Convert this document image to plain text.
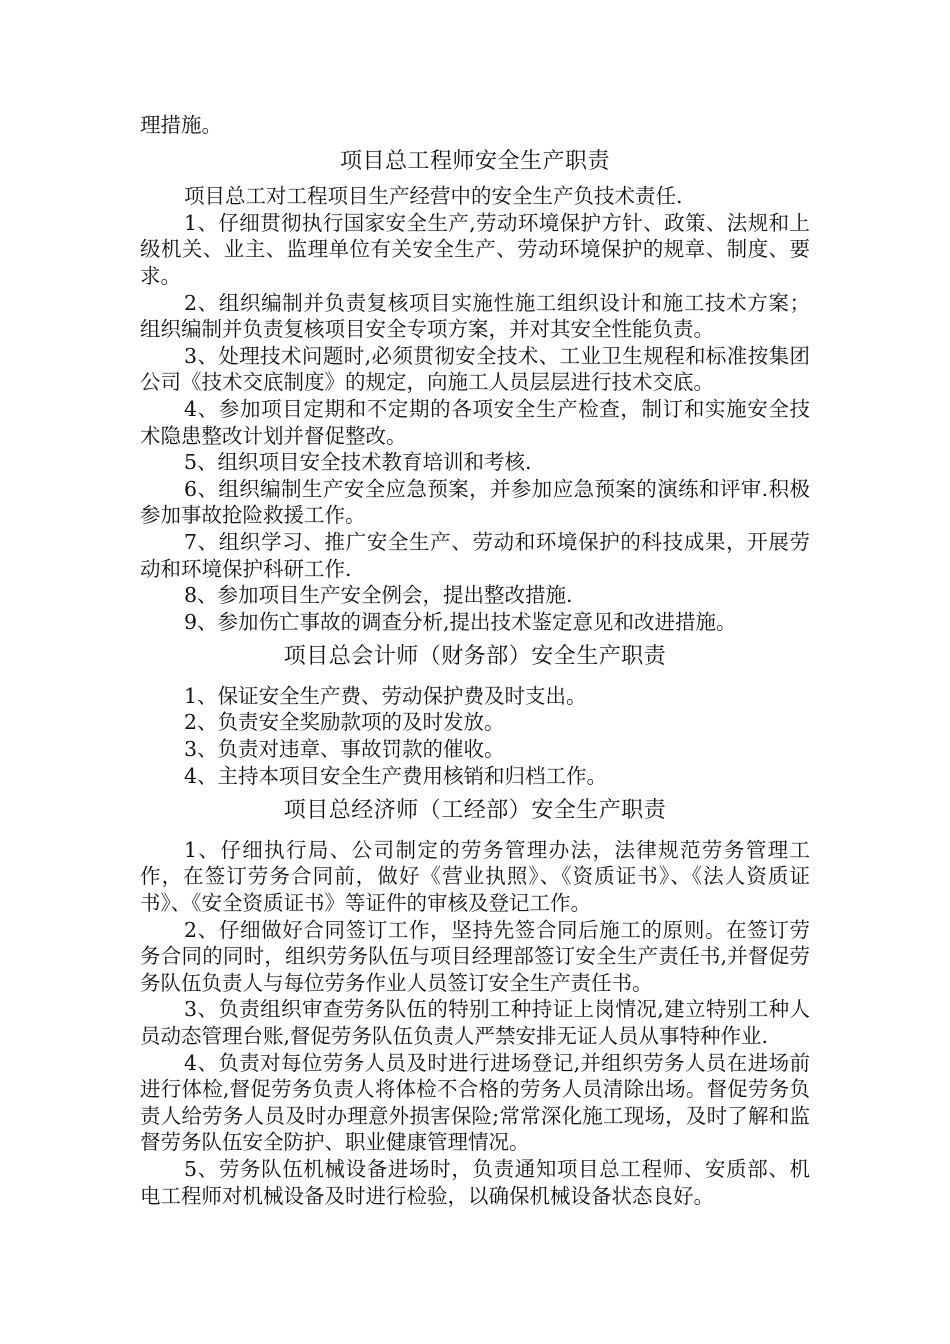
理措施。

项目总工程师安全生产职责

项目总工对工程项目生产经营中的安全生产负技术责任.

1、仔细贯彻执行国家安全生产,劳动环境保护方针、政策、法规和上级机关、业主、监理单位有关安全生产、劳动环境保护的规章、制度、要求。

2、组织编制并负责复核项目实施性施工组织设计和施工技术方案；组织编制并负责复核项目安全专项方案，并对其安全性能负责。

3、处理技术问题时,必须贯彻安全技术、工业卫生规程和标准按集团公司《技术交底制度》的规定，向施工人员层层进行技术交底。

4、参加项目定期和不定期的各项安全生产检查，制订和实施安全技术隐患整改计划并督促整改。

5、组织项目安全技术教育培训和考核.

6、组织编制生产安全应急预案，并参加应急预案的演练和评审.积极参加事故抢险救援工作。

7、组织学习、推广安全生产、劳动和环境保护的科技成果，开展劳动和环境保护科研工作.

8、参加项目生产安全例会，提出整改措施.

9、参加伤亡事故的调查分析,提出技术鉴定意见和改进措施。

项目总会计师（财务部）安全生产职责

1、保证安全生产费、劳动保护费及时支出。

2、负责安全奖励款项的及时发放。

3、负责对违章、事故罚款的催收。

4、主持本项目安全生产费用核销和归档工作。

项目总经济师（工经部）安全生产职责

1、仔细执行局、公司制定的劳务管理办法，法律规范劳务管理工作，在签订劳务合同前，做好《营业执照》、《资质证书》、《法人资质证书》、《安全资质证书》等证件的审核及登记工作。

2、仔细做好合同签订工作，坚持先签合同后施工的原则。在签订劳务合同的同时，组织劳务队伍与项目经理部签订安全生产责任书,并督促劳务队伍负责人与每位劳务作业人员签订安全生产责任书。

3、负责组织审查劳务队伍的特别工种持证上岗情况,建立特别工种人员动态管理台账,督促劳务队伍负责人严禁安排无证人员从事特种作业.

4、负责对每位劳务人员及时进行进场登记,并组织劳务人员在进场前进行体检,督促劳务负责人将体检不合格的劳务人员清除出场。督促劳务负责人给劳务人员及时办理意外损害保险;常常深化施工现场，及时了解和监督劳务队伍安全防护、职业健康管理情况。

5、劳务队伍机械设备进场时，负责通知项目总工程师、安质部、机电工程师对机械设备及时进行检验，以确保机械设备状态良好。
